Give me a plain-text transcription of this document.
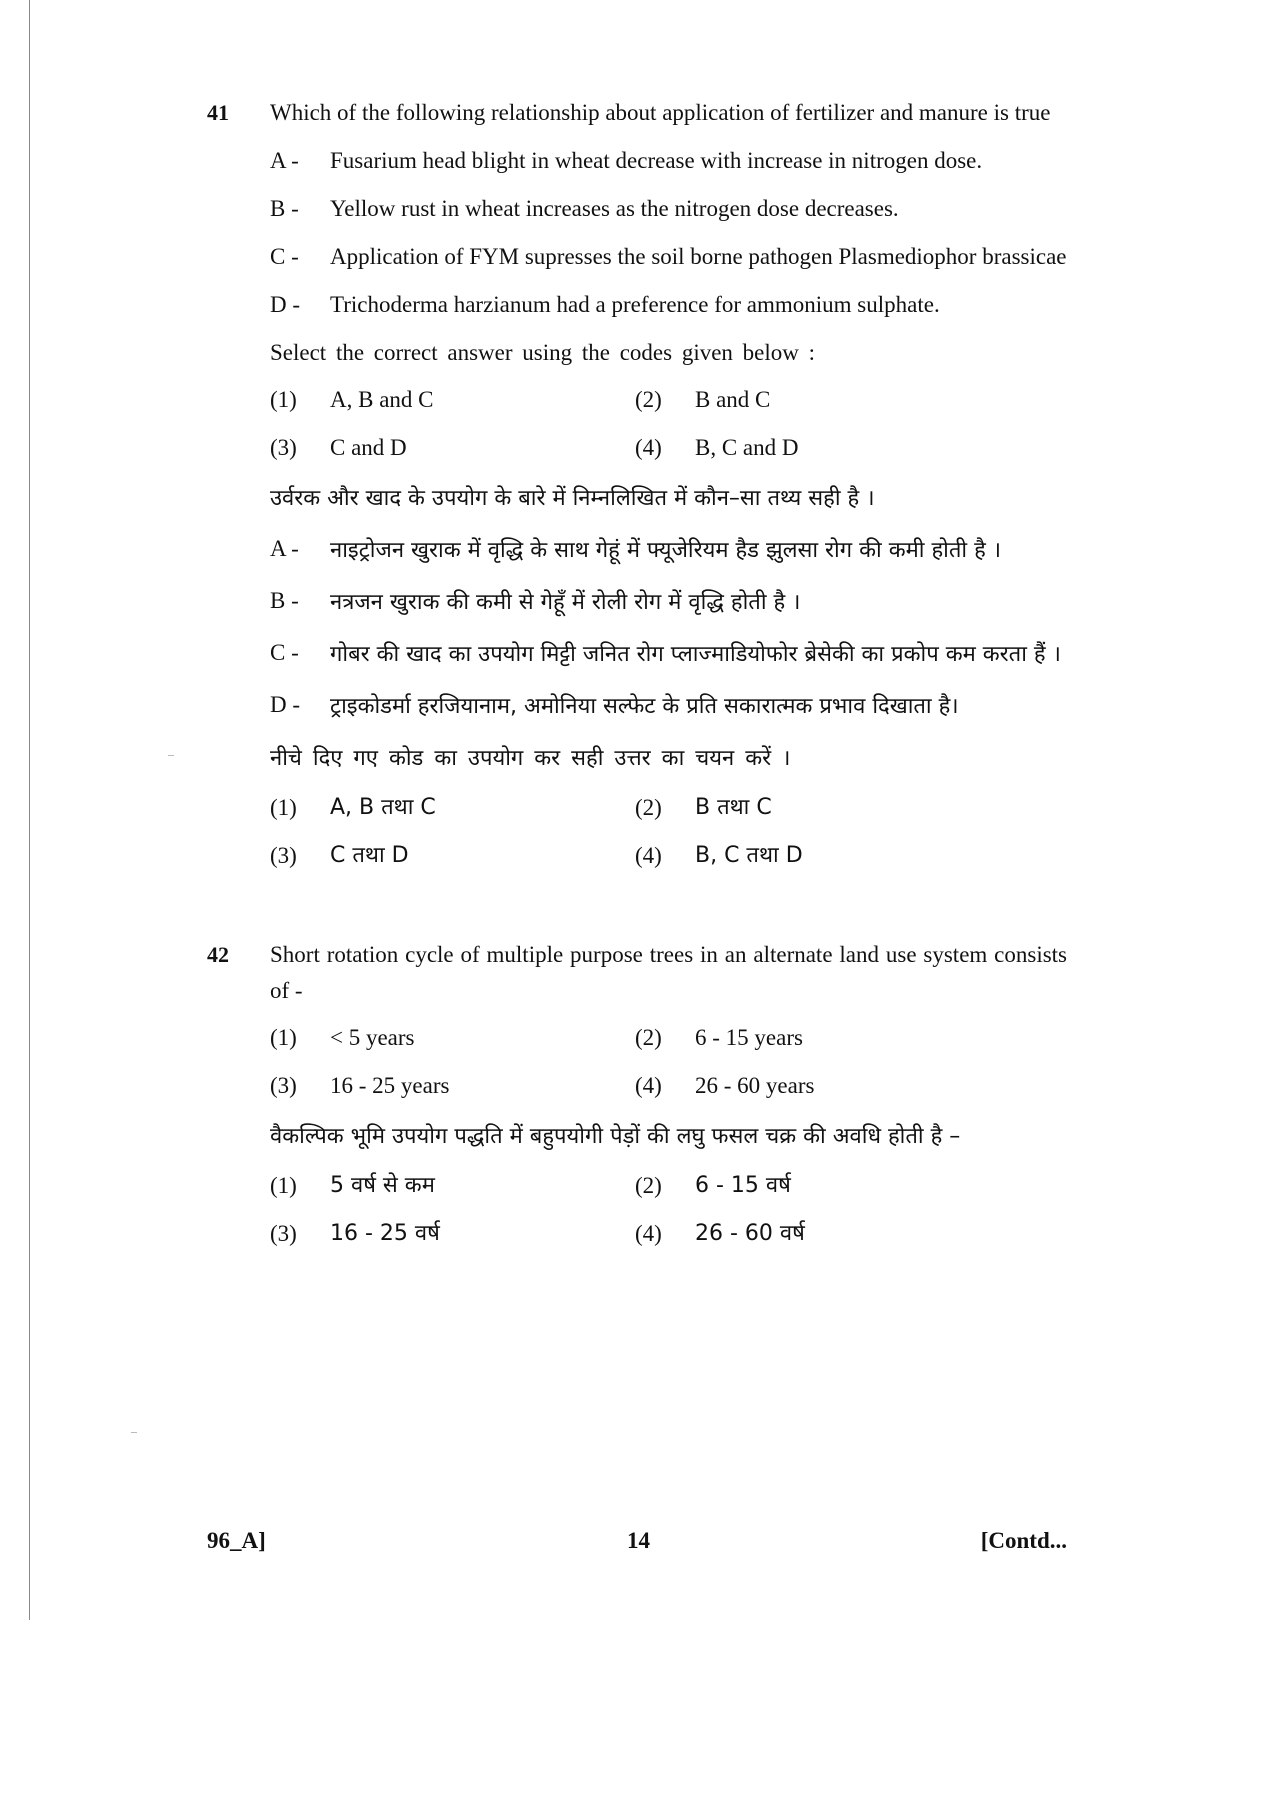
41	Which of the following relationship about application of fertilizer and manure is true

A -	Fusarium head blight in wheat decrease with increase in nitrogen dose.
B -	Yellow rust in wheat increases as the nitrogen dose decreases.
C -	Application of FYM supresses the soil borne pathogen Plasmediophor brassicae
D -	Trichoderma harzianum had a preference for ammonium sulphate.

Select the correct answer using the codes given below :

(1)	A, B and C	(2)	B and C
(3)	C and D	(4)	B, C and D

उर्वरक और खाद के उपयोग के बारे में निम्नलिखित में कौन–सा तथ्य सही है ।

A -	नाइट्रोजन खुराक में वृद्धि के साथ गेहूं में फ्यूजेरियम हैड झुलसा रोग की कमी होती है ।
B -	नत्रजन खुराक की कमी से गेहूँ में रोली रोग में वृद्धि होती है ।
C -	गोबर की खाद का उपयोग मिट्टी जनित रोग प्लाज्माडियोफोर ब्रेसेकी का प्रकोप कम करता हैं ।
D -	ट्राइकोडर्मा हरजियानाम, अमोनिया सल्फेट के प्रति सकारात्मक प्रभाव दिखाता है।

नीचे दिए गए कोड का उपयोग कर सही उत्तर का चयन करें ।

(1)	A, B तथा C	(2)	B तथा C
(3)	C तथा D	(4)	B, C तथा D
42	Short rotation cycle of multiple purpose trees in an alternate land use system consists of -

(1)	< 5 years	(2)	6 - 15 years
(3)	16 - 25 years	(4)	26 - 60 years

वैकल्पिक भूमि उपयोग पद्धति में बहुपयोगी पेड़ों की लघु फसल चक्र की अवधि होती है –

(1)	5 वर्ष से कम	(2)	6 - 15 वर्ष
(3)	16 - 25 वर्ष	(4)	26 - 60 वर्ष
96_A]	14	[Contd...
